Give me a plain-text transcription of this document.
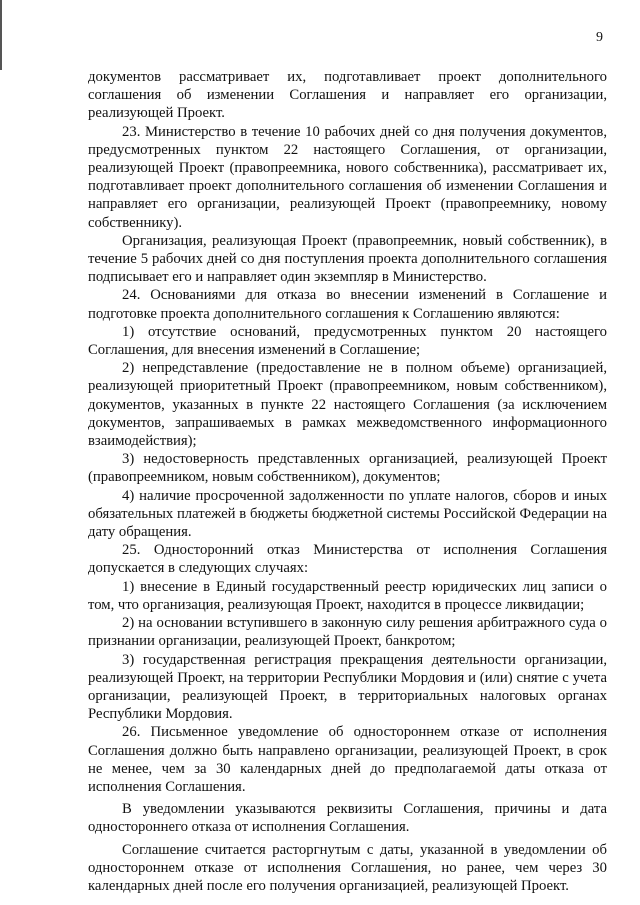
9

документов рассматривает их, подготавливает проект дополнительного соглашения об изменении Соглашения и направляет его организации, реализующей Проект.

23. Министерство в течение 10 рабочих дней со дня получения документов, предусмотренных пунктом 22 настоящего Соглашения, от организации, реализующей Проект (правопреемника, нового собственника), рассматривает их, подготавливает проект дополнительного соглашения об изменении Соглашения и направляет его организации, реализующей Проект (правопреемнику, новому собственнику).

Организация, реализующая Проект (правопреемник, новый собственник), в течение 5 рабочих дней со дня поступления проекта дополнительного соглашения подписывает его и направляет один экземпляр в Министерство.

24. Основаниями для отказа во внесении изменений в Соглашение и подготовке проекта дополнительного соглашения к Соглашению являются:

1) отсутствие оснований, предусмотренных пунктом 20 настоящего Соглашения, для внесения изменений в Соглашение;

2) непредставление (предоставление не в полном объеме) организацией, реализующей приоритетный Проект (правопреемником, новым собственником), документов, указанных в пункте 22 настоящего Соглашения (за исключением документов, запрашиваемых в рамках межведомственного информационного взаимодействия);

3) недостоверность представленных организацией, реализующей Проект (правопреемником, новым собственником), документов;

4) наличие просроченной задолженности по уплате налогов, сборов и иных обязательных платежей в бюджеты бюджетной системы Российской Федерации на дату обращения.

25. Односторонний отказ Министерства от исполнения Соглашения допускается в следующих случаях:

1) внесение в Единый государственный реестр юридических лиц записи о том, что организация, реализующая Проект, находится в процессе ликвидации;

2) на основании вступившего в законную силу решения арбитражного суда о признании организации, реализующей Проект, банкротом;

3) государственная регистрация прекращения деятельности организации, реализующей Проект, на территории Республики Мордовия и (или) снятие с учета организации, реализующей Проект, в территориальных налоговых органах Республики Мордовия.

26. Письменное уведомление об одностороннем отказе от исполнения Соглашения должно быть направлено организации, реализующей Проект, в срок не менее, чем за 30 календарных дней до предполагаемой даты отказа от исполнения Соглашения.

В уведомлении указываются реквизиты Соглашения, причины и дата одностороннего отказа от исполнения Соглашения.

Соглашение считается расторгнутым с даты, указанной в уведомлении об одностороннем отказе от исполнения Соглашения, но ранее, чем через 30 календарных дней после его получения организацией, реализующей Проект.
